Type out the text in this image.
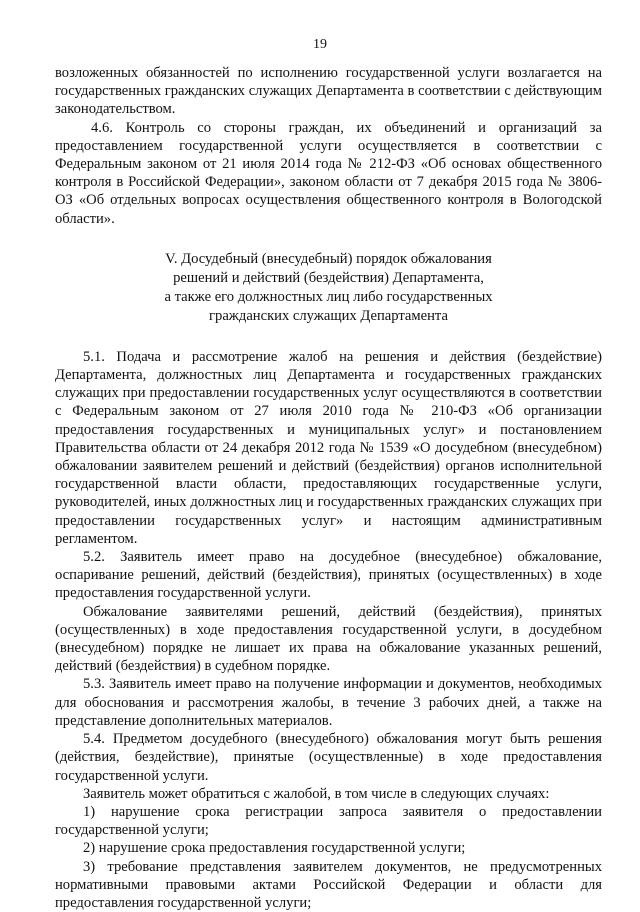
19

возложенных обязанностей по исполнению государственной услуги возлагается на государственных гражданских служащих Департамента в соответствии с действующим законодательством.

4.6. Контроль со стороны граждан, их объединений и организаций за предоставлением государственной услуги осуществляется в соответствии с Федеральным законом от 21 июля 2014 года № 212-ФЗ «Об основах общественного контроля в Российской Федерации», законом области от 7 декабря 2015 года № 3806-ОЗ «Об отдельных вопросах осуществления общественного контроля в Вологодской области».

V. Досудебный (внесудебный) порядок обжалования
решений и действий (бездействия) Департамента,
а также его должностных лиц либо государственных
гражданских служащих Департамента

5.1. Подача и рассмотрение жалоб на решения и действия (бездействие) Департамента, должностных лиц Департамента и государственных гражданских служащих при предоставлении государственных услуг осуществляются в соответствии с Федеральным законом от 27 июля 2010 года № 210-ФЗ «Об организации предоставления государственных и муниципальных услуг» и постановлением Правительства области от 24 декабря 2012 года № 1539 «О досудебном (внесудебном) обжаловании заявителем решений и действий (бездействия) органов исполнительной государственной власти области, предоставляющих государственные услуги, руководителей, иных должностных лиц и государственных гражданских служащих при предоставлении государственных услуг» и настоящим административным регламентом.

5.2. Заявитель имеет право на досудебное (внесудебное) обжалование, оспаривание решений, действий (бездействия), принятых (осуществленных) в ходе предоставления государственной услуги.

Обжалование заявителями решений, действий (бездействия), принятых (осуществленных) в ходе предоставления государственной услуги, в досудебном (внесудебном) порядке не лишает их права на обжалование указанных решений, действий (бездействия) в судебном порядке.

5.3. Заявитель имеет право на получение информации и документов, необходимых для обоснования и рассмотрения жалобы, в течение 3 рабочих дней, а также на представление дополнительных материалов.

5.4. Предметом досудебного (внесудебного) обжалования могут быть решения (действия, бездействие), принятые (осуществленные) в ходе предоставления государственной услуги.

Заявитель может обратиться с жалобой, в том числе в следующих случаях:

1) нарушение срока регистрации запроса заявителя о предоставлении государственной услуги;

2) нарушение срока предоставления государственной услуги;

3) требование представления заявителем документов, не предусмотренных нормативными правовыми актами Российской Федерации и области для предоставления государственной услуги;
